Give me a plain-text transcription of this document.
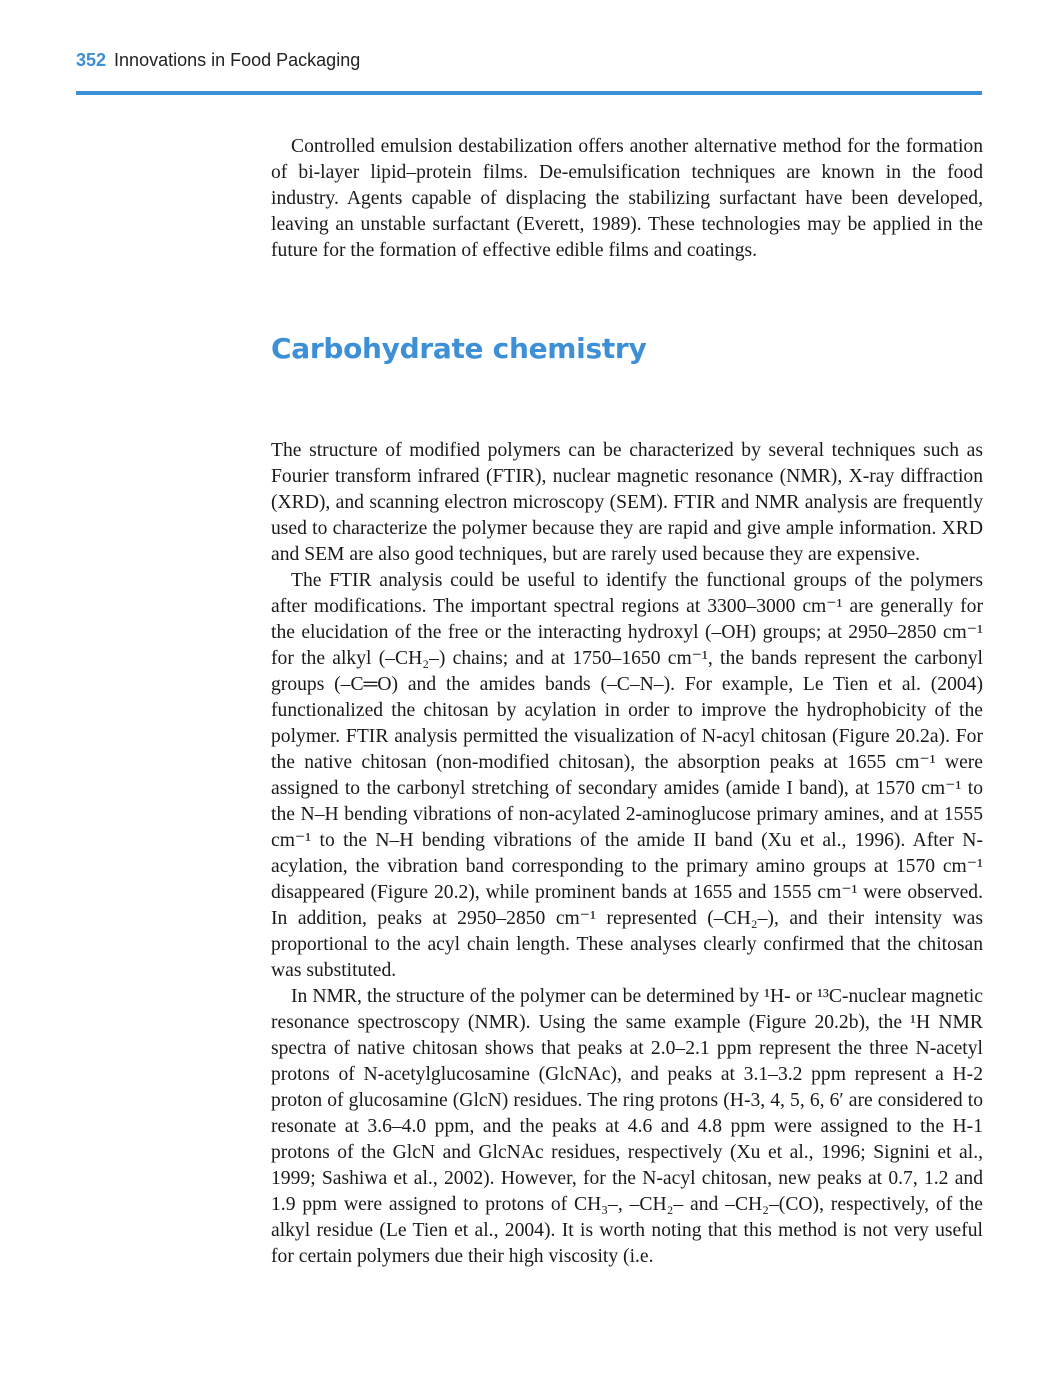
352 Innovations in Food Packaging

Controlled emulsion destabilization offers another alternative method for the formation of bi-layer lipid–protein films. De-emulsification techniques are known in the food industry. Agents capable of displacing the stabilizing surfactant have been developed, leaving an unstable surfactant (Everett, 1989). These technologies may be applied in the future for the formation of effective edible films and coatings.

Carbohydrate chemistry

The structure of modified polymers can be characterized by several techniques such as Fourier transform infrared (FTIR), nuclear magnetic resonance (NMR), X-ray diffraction (XRD), and scanning electron microscopy (SEM). FTIR and NMR analysis are frequently used to characterize the polymer because they are rapid and give ample information. XRD and SEM are also good techniques, but are rarely used because they are expensive.

The FTIR analysis could be useful to identify the functional groups of the polymers after modifications. The important spectral regions at 3300–3000 cm⁻¹ are generally for the elucidation of the free or the interacting hydroxyl (–OH) groups; at 2950–2850 cm⁻¹ for the alkyl (–CH₂–) chains; and at 1750–1650 cm⁻¹, the bands represent the carbonyl groups (–C═O) and the amides bands (–C–N–). For example, Le Tien et al. (2004) functionalized the chitosan by acylation in order to improve the hydrophobicity of the polymer. FTIR analysis permitted the visualization of N-acyl chitosan (Figure 20.2a). For the native chitosan (non-modified chitosan), the absorption peaks at 1655 cm⁻¹ were assigned to the carbonyl stretching of secondary amides (amide I band), at 1570 cm⁻¹ to the N–H bending vibrations of non-acylated 2-aminoglucose primary amines, and at 1555 cm⁻¹ to the N–H bending vibrations of the amide II band (Xu et al., 1996). After N-acylation, the vibration band corresponding to the primary amino groups at 1570 cm⁻¹ disappeared (Figure 20.2), while prominent bands at 1655 and 1555 cm⁻¹ were observed. In addition, peaks at 2950–2850 cm⁻¹ represented (–CH₂–), and their intensity was proportional to the acyl chain length. These analyses clearly confirmed that the chitosan was substituted.

In NMR, the structure of the polymer can be determined by ¹H- or ¹³C-nuclear magnetic resonance spectroscopy (NMR). Using the same example (Figure 20.2b), the ¹H NMR spectra of native chitosan shows that peaks at 2.0–2.1 ppm represent the three N-acetyl protons of N-acetylglucosamine (GlcNAc), and peaks at 3.1–3.2 ppm represent a H-2 proton of glucosamine (GlcN) residues. The ring protons (H-3, 4, 5, 6, 6′ are considered to resonate at 3.6–4.0 ppm, and the peaks at 4.6 and 4.8 ppm were assigned to the H-1 protons of the GlcN and GlcNAc residues, respectively (Xu et al., 1996; Signini et al., 1999; Sashiwa et al., 2002). However, for the N-acyl chitosan, new peaks at 0.7, 1.2 and 1.9 ppm were assigned to protons of CH₃–, –CH₂– and –CH₂–(CO), respectively, of the alkyl residue (Le Tien et al., 2004). It is worth noting that this method is not very useful for certain polymers due their high viscosity (i.e.
